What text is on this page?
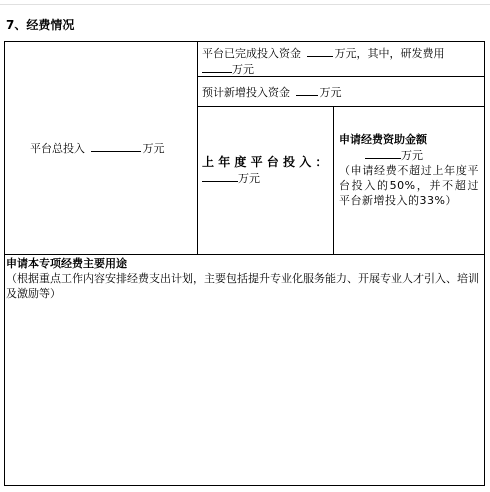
7、经费情况
平台总投入	万元
平台已完成投入资金	万元，其中，研发费用
万元
预计新增投入资金	万元
上年度平台投入：
万元
申请经费资助金额
万元
（申请经费不超过上年度平台投入的50%，并不超过平台新增投入的33%）
申请本专项经费主要用途
（根据重点工作内容安排经费支出计划，主要包括提升专业化服务能力、开展专业人才引入、培训及激励等）
